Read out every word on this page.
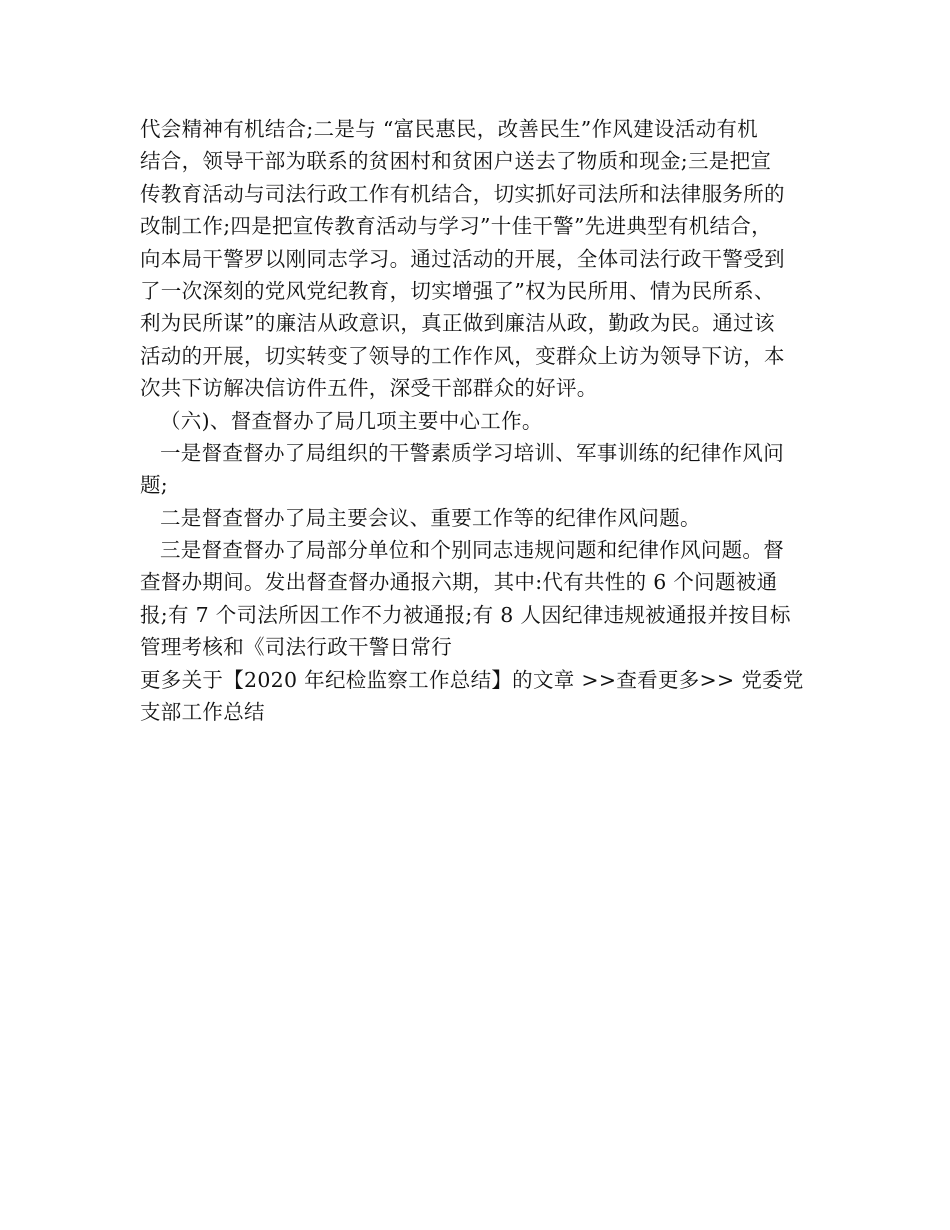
代会精神有机结合;二是与 “富民惠民，改善民生”作风建设活动有机
结合，领导干部为联系的贫困村和贫困户送去了物质和现金;三是把宣
传教育活动与司法行政工作有机结合，切实抓好司法所和法律服务所的
改制工作;四是把宣传教育活动与学习”十佳干警”先进典型有机结合，
向本局干警罗以刚同志学习。通过活动的开展，全体司法行政干警受到
了一次深刻的党风党纪教育，切实增强了”权为民所用、情为民所系、
利为民所谋”的廉洁从政意识，真正做到廉洁从政，勤政为民。通过该
活动的开展，切实转变了领导的工作作风，变群众上访为领导下访，本
次共下访解决信访件五件，深受干部群众的好评。
（六)、督查督办了局几项主要中心工作。
一是督查督办了局组织的干警素质学习培训、军事训练的纪律作风问
题;
二是督查督办了局主要会议、重要工作等的纪律作风问题。
三是督查督办了局部分单位和个别同志违规问题和纪律作风问题。督
查督办期间。发出督查督办通报六期，其中:代有共性的 6 个问题被通
报;有 7 个司法所因工作不力被通报;有 8 人因纪律违规被通报并按目标
管理考核和《司法行政干警日常行
更多关于【2020 年纪检监察工作总结】的文章 >>查看更多>> 党委党
支部工作总结
